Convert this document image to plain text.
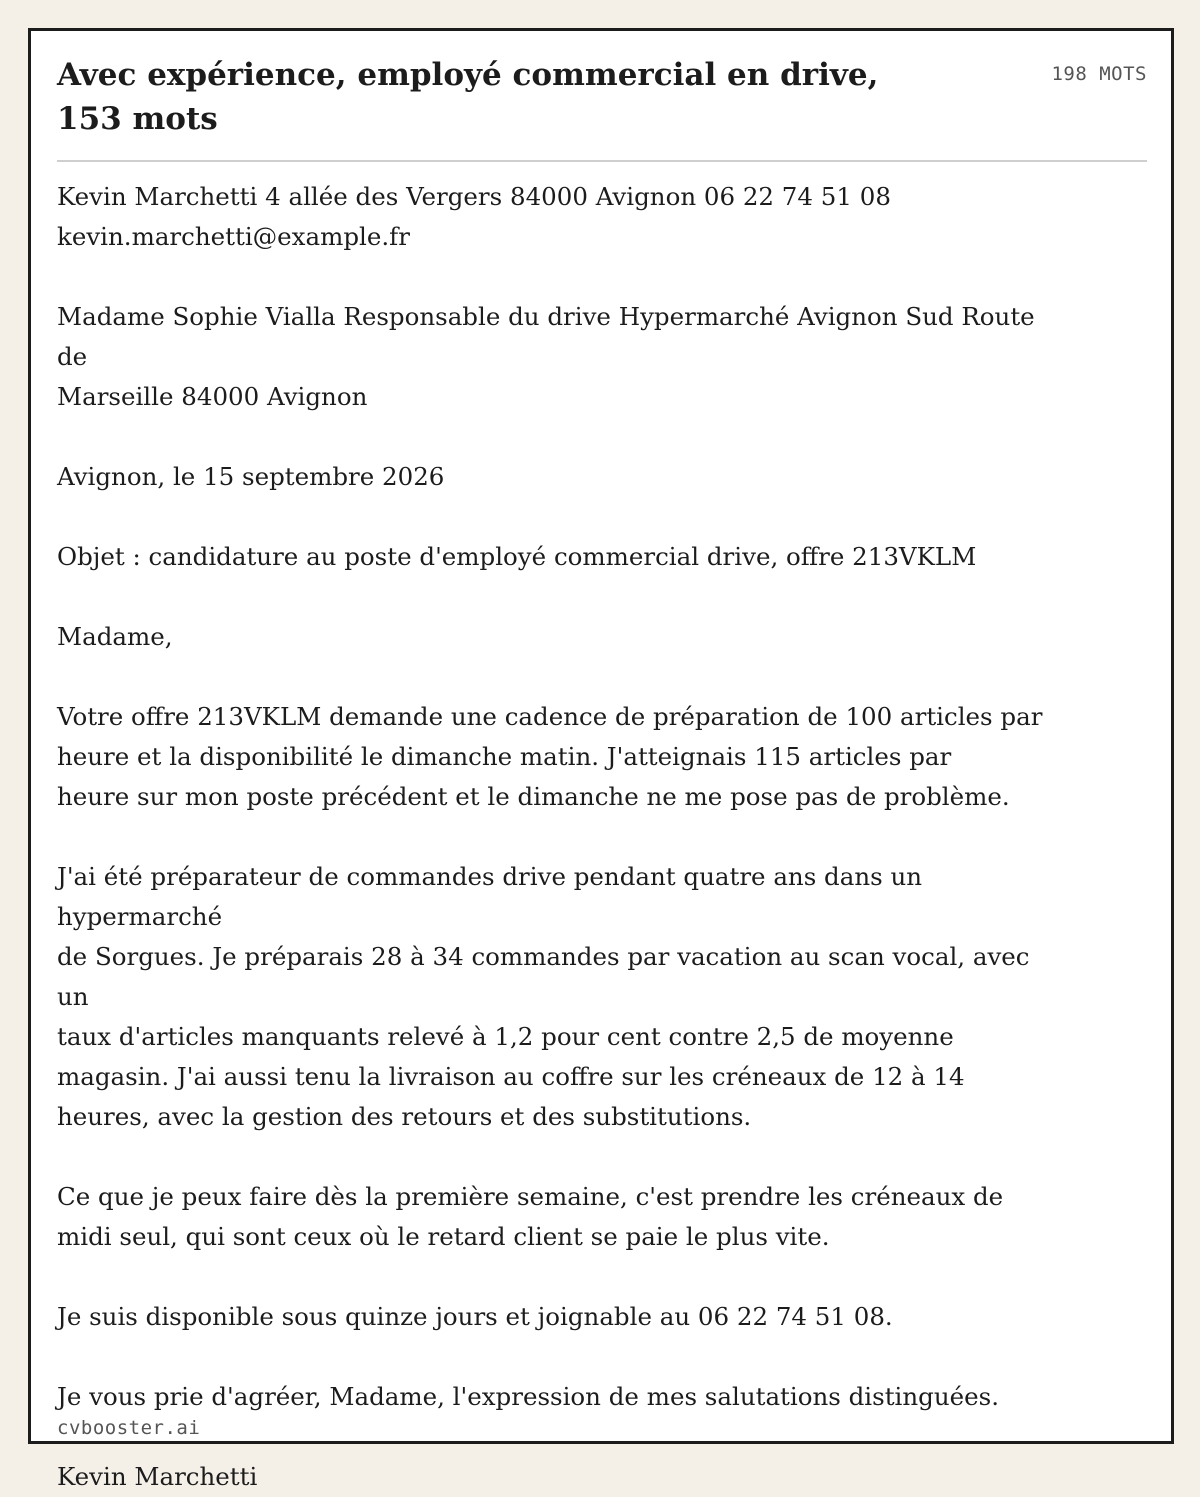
Avec expérience, employé commercial en drive,
153 mots
198 MOTS

Kevin Marchetti 4 allée des Vergers 84000 Avignon 06 22 74 51 08
kevin.marchetti@example.fr

Madame Sophie Vialla Responsable du drive Hypermarché Avignon Sud Route de
Marseille 84000 Avignon

Avignon, le 15 septembre 2026

Objet : candidature au poste d'employé commercial drive, offre 213VKLM

Madame,

Votre offre 213VKLM demande une cadence de préparation de 100 articles par
heure et la disponibilité le dimanche matin. J'atteignais 115 articles par
heure sur mon poste précédent et le dimanche ne me pose pas de problème.

J'ai été préparateur de commandes drive pendant quatre ans dans un hypermarché
de Sorgues. Je préparais 28 à 34 commandes par vacation au scan vocal, avec un
taux d'articles manquants relevé à 1,2 pour cent contre 2,5 de moyenne
magasin. J'ai aussi tenu la livraison au coffre sur les créneaux de 12 à 14
heures, avec la gestion des retours et des substitutions.

Ce que je peux faire dès la première semaine, c'est prendre les créneaux de
midi seul, qui sont ceux où le retard client se paie le plus vite.

Je suis disponible sous quinze jours et joignable au 06 22 74 51 08.

Je vous prie d'agréer, Madame, l'expression de mes salutations distinguées.

Kevin Marchetti

cvbooster.ai
